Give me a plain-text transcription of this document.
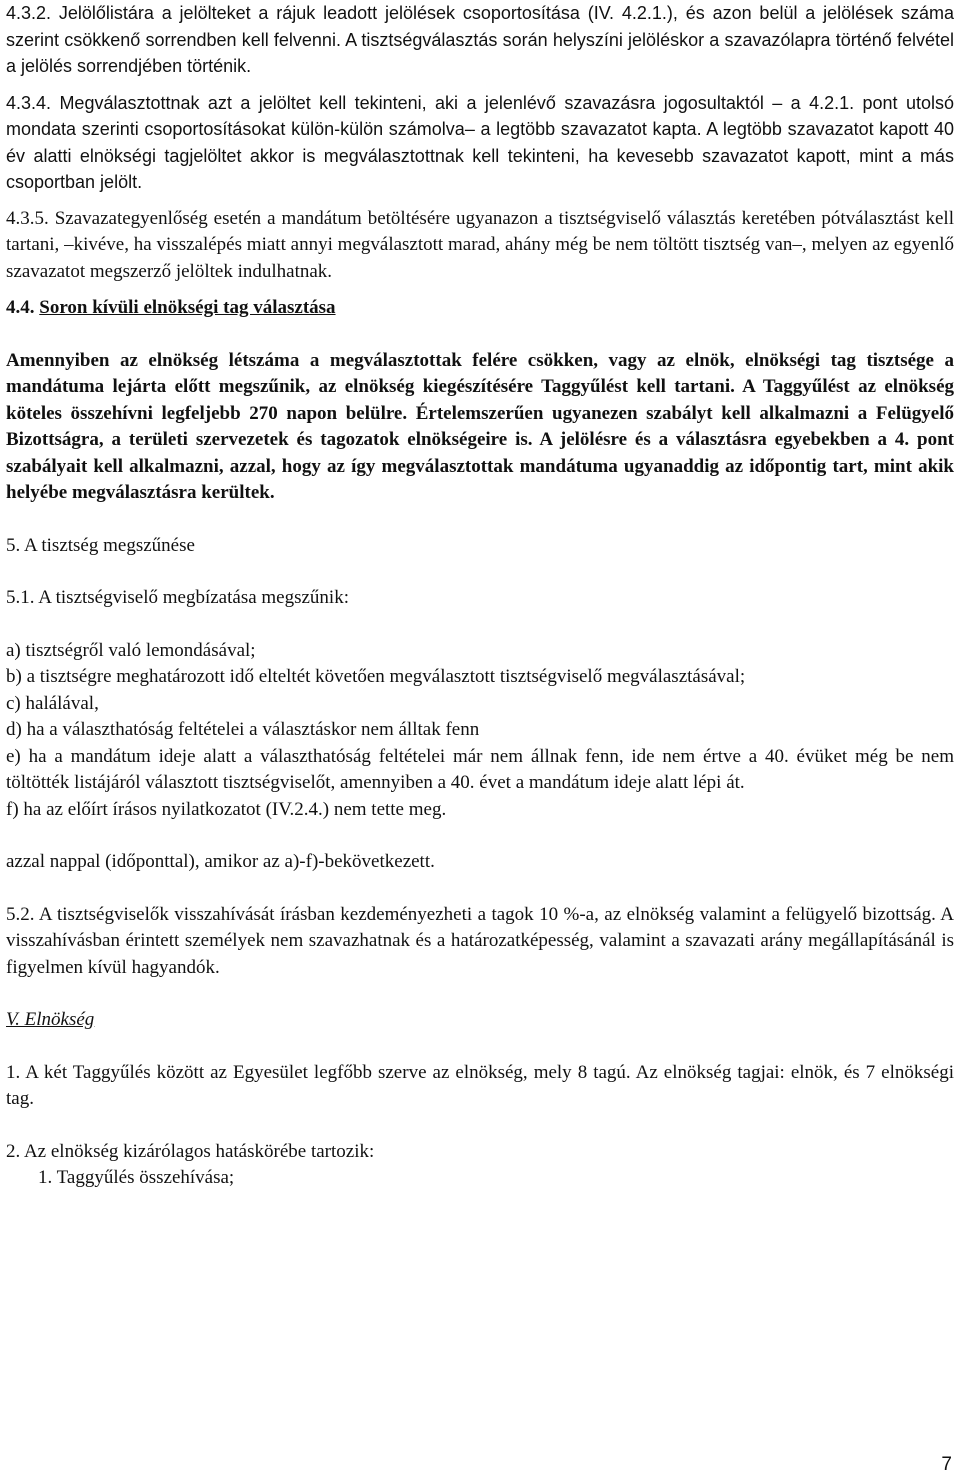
4.3.2. Jelölőlistára a jelölteket a rájuk leadott jelölések csoportosítása (IV. 4.2.1.), és azon belül a jelölések száma szerint csökkenő sorrendben kell felvenni. A tisztségválasztás során helyszíni jelöléskor a szavazólapra történő felvétel a jelölés sorrendjében történik.

4.3.4. Megválasztottnak azt a jelöltet kell tekinteni, aki a jelenlévő szavazásra jogosultaktól – a 4.2.1. pont utolsó mondata szerinti csoportosításokat külön-külön számolva– a legtöbb szavazatot kapta. A legtöbb szavazatot kapott 40 év alatti elnökségi tagjelöltet akkor is megválasztottnak kell tekinteni, ha kevesebb szavazatot kapott, mint a más csoportban jelölt.

4.3.5. Szavazategyenlőség esetén a mandátum betöltésére ugyanazon a tisztségviselő választás keretében pótválasztást kell tartani, –kivéve, ha visszalépés miatt annyi megválasztott marad, ahány még be nem töltött tisztség van–, melyen az egyenlő szavazatot megszerző jelöltek indulhatnak.

4.4. Soron kívüli elnökségi tag választása

Amennyiben az elnökség létszáma a megválasztottak felére csökken, vagy az elnök, elnökségi tag tisztsége a mandátuma lejárta előtt megszűnik, az elnökség kiegészítésére Taggyűlést kell tartani. A Taggyűlést az elnökség köteles összehívni legfeljebb 270 napon belülre. Értelemszerűen ugyanezen szabályt kell alkalmazni a Felügyelő Bizottságra, a területi szervezetek és tagozatok elnökségeire is. A jelölésre és a választásra egyebekben a 4. pont szabályait kell alkalmazni, azzal, hogy az így megválasztottak mandátuma ugyanaddig az időpontig tart, mint akik helyébe megválasztásra kerültek.

5. A tisztség megszűnése

5.1. A tisztségviselő megbízatása megszűnik:

a) tisztségről való lemondásával;

b) a tisztségre meghatározott idő elteltét követően megválasztott tisztségviselő megválasztásával;

c) halálával,

d) ha a választhatóság feltételei a választáskor nem álltak fenn

e) ha a mandátum ideje alatt a választhatóság feltételei már nem állnak fenn, ide nem értve a 40. évüket még be nem töltötték listájáról választott tisztségviselőt, amennyiben a 40. évet a mandátum ideje alatt lépi át.

f) ha az előírt írásos nyilatkozatot (IV.2.4.) nem tette meg.

azzal nappal (időponttal), amikor az a)-f)-bekövetkezett.

5.2. A tisztségviselők visszahívását írásban kezdeményezheti a tagok 10 %-a, az elnökség valamint a felügyelő bizottság. A visszahívásban érintett személyek nem szavazhatnak és a határozatképesség, valamint a szavazati arány megállapításánál is figyelmen kívül hagyandók.

V. Elnökség

1. A két Taggyűlés között az Egyesület legfőbb szerve az elnökség, mely 8 tagú. Az elnökség tagjai: elnök, és 7 elnökségi tag.

2. Az elnökség kizárólagos hatáskörébe tartozik:

1. Taggyűlés összehívása;

7
